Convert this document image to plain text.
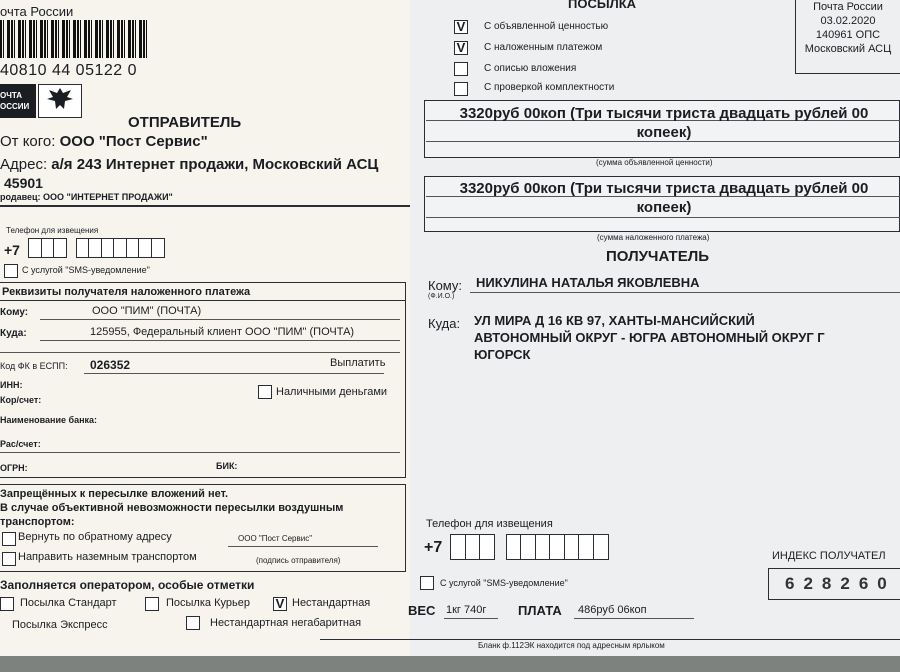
очта России
40810 44 05122 0
ОЧТА
ОССИИ
ОТПРАВИТЕЛЬ
От кого: ООО "Пост Сервис"
Адрес: а/я 243 Интернет продажи, Московский АСЦ
45901
родавец: ООО "ИНТЕРНЕТ ПРОДАЖИ"
Телефон для извещения
+7
С услугой "SMS-уведомление"
Реквизиты получателя наложенного платежа
Кому:	ООО "ПИМ" (ПОЧТА)
Куда:	125955, Федеральный клиент ООО "ПИМ" (ПОЧТА)
Код ФК в ЕСПП: 026352	Выплатить
ИНН:
Наличными деньгами
Кор/счет:
Наименование банка:
Рас/счет:
ОГРН:	БИК:
Запрещённых к пересылке вложений нет.
В случае объективной невозможности пересылки воздушным
транспортом:
Вернуть по обратному адресу	ООО "Пост Сервис"
Направить наземным транспортом	(подпись отправителя)
Заполняется оператором, особые отметки
Посылка Стандарт	Посылка Курьер V Нестандартная
Посылка Экспресс	Нестандартная негабаритная
ПОСЫЛКА
V С объявленной ценностью
V С наложенным платежом
С описью вложения
С проверкой комплектности
Почта России
03.02.2020
140961 ОПС
Московский АСЦ
3320руб 00коп (Три тысячи триста двадцать рублей 00
копеек)
(сумма объявленной ценности)
3320руб 00коп (Три тысячи триста двадцать рублей 00
копеек)
(сумма наложенного платежа)
ПОЛУЧАТЕЛЬ
Кому:
(Ф.И.О.)
НИКУЛИНА НАТАЛЬЯ ЯКОВЛЕВНА
Куда: УЛ МИРА Д 16 КВ 97, ХАНТЫ-МАНСИЙСКИЙ
АВТОНОМНЫЙ ОКРУГ - ЮГРА АВТОНОМНЫЙ ОКРУГ Г
ЮГОРСК
Телефон для извещения
+7
С услугой "SMS-уведомление"
ИНДЕКС ПОЛУЧАТЕЛ
628260
ВЕС 1кг 740г ПЛАТА 486руб 06коп
Бланк ф.112ЭК находится под адресным ярлыком
